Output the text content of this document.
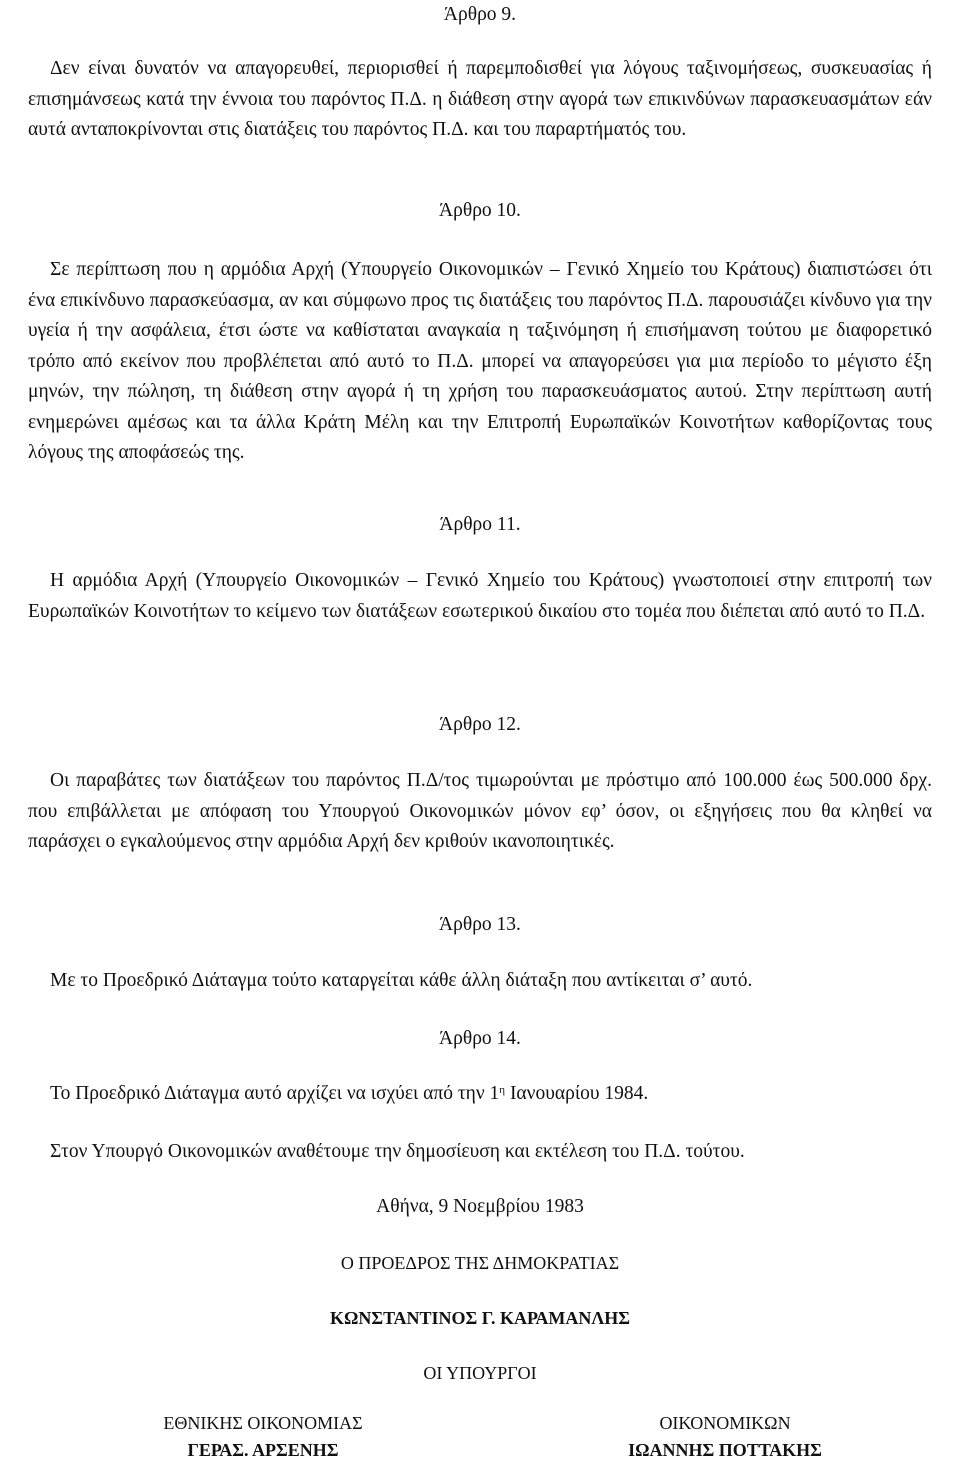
Άρθρο 9.
Δεν είναι δυνατόν να απαγορευθεί, περιορισθεί ή παρεμποδισθεί για λόγους ταξινομήσεως, συσκευασίας ή επισημάνσεως κατά την έννοια του παρόντος Π.Δ. η διάθεση στην αγορά των επικινδύνων παρασκευασμάτων εάν αυτά ανταποκρίνονται στις διατάξεις του παρόντος Π.Δ. και του παραρτήματός του.
Άρθρο 10.
Σε περίπτωση που η αρμόδια Αρχή (Υπουργείο Οικονομικών – Γενικό Χημείο του Κράτους) διαπιστώσει ότι ένα επικίνδυνο παρασκεύασμα, αν και σύμφωνο προς τις διατάξεις του παρόντος Π.Δ. παρουσιάζει κίνδυνο για την υγεία ή την ασφάλεια, έτσι ώστε να καθίσταται αναγκαία η ταξινόμηση ή επισήμανση τούτου με διαφορετικό τρόπο από εκείνον που προβλέπεται από αυτό το Π.Δ. μπορεί να απαγορεύσει για μια περίοδο το μέγιστο έξη μηνών, την πώληση, τη διάθεση στην αγορά ή τη χρήση του παρασκευάσματος αυτού. Στην περίπτωση αυτή ενημερώνει αμέσως και τα άλλα Κράτη Μέλη και την Επιτροπή Ευρωπαϊκών Κοινοτήτων καθορίζοντας τους λόγους της αποφάσεώς της.
Άρθρο 11.
Η αρμόδια Αρχή (Υπουργείο Οικονομικών – Γενικό Χημείο του Κράτους) γνωστοποιεί στην επιτροπή των Ευρωπαϊκών Κοινοτήτων το κείμενο των διατάξεων εσωτερικού δικαίου στο τομέα που διέπεται από αυτό το Π.Δ.
Άρθρο 12.
Οι παραβάτες των διατάξεων του παρόντος Π.Δ/τος τιμωρούνται με πρόστιμο από 100.000 έως 500.000 δρχ. που επιβάλλεται με απόφαση του Υπουργού Οικονομικών μόνον εφ’ όσον, οι εξηγήσεις που θα κληθεί να παράσχει ο εγκαλούμενος στην αρμόδια Αρχή δεν κριθούν ικανοποιητικές.
Άρθρο 13.
Με το Προεδρικό Διάταγμα τούτο καταργείται κάθε άλλη διάταξη που αντίκειται σ’ αυτό.
Άρθρο 14.
Το Προεδρικό Διάταγμα αυτό αρχίζει να ισχύει από την $1^\eta$ Ιανουαρίου 1984.
Στον Υπουργό Οικονομικών αναθέτουμε την δημοσίευση και εκτέλεση του Π.Δ. τούτου.
Αθήνα, 9 Νοεμβρίου 1983
Ο ΠΡΟΕΔΡΟΣ ΤΗΣ ΔΗΜΟΚΡΑΤΙΑΣ
ΚΩΝΣΤΑΝΤΙΝΟΣ Γ. ΚΑΡΑΜΑΝΛΗΣ
ΟΙ ΥΠΟΥΡΓΟΙ
ΕΘΝΙΚΗΣ ΟΙΚΟΝΟΜΙΑΣ
ΓΕΡΑΣ. ΑΡΣΕΝΗΣ
ΟΙΚΟΝΟΜΙΚΩΝ
ΙΩΑΝΝΗΣ ΠΟΤΤΑΚΗΣ
